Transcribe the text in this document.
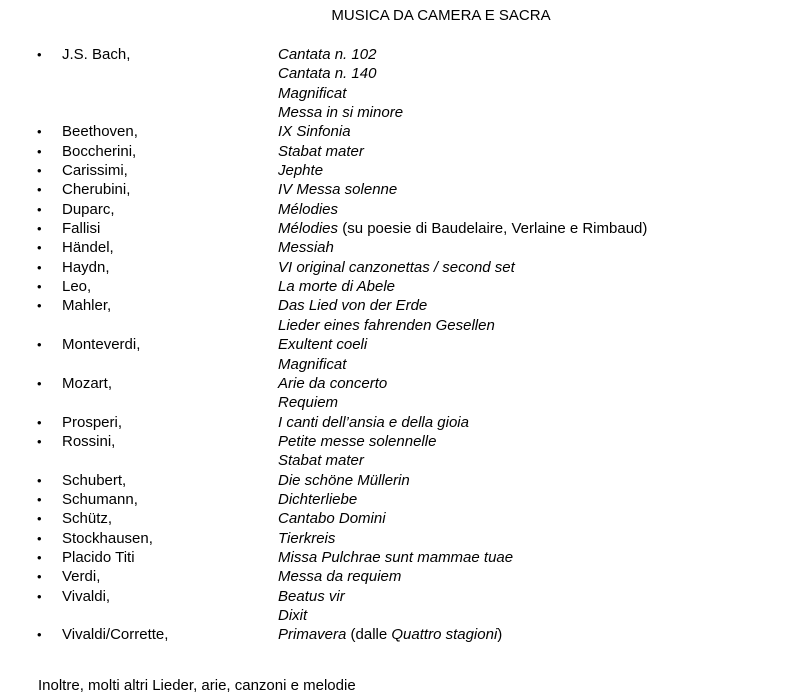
MUSICA DA CAMERA E SACRA
• J.S. Bach,	Cantata n. 102
Cantata n. 140
Magnificat
Messa in si minore
• Beethoven,	IX Sinfonia
• Boccherini,	Stabat mater
• Carissimi,	Jephte
• Cherubini,	IV Messa solenne
• Duparc,	Mélodies
• Fallisi	Mélodies (su poesie di Baudelaire, Verlaine e Rimbaud)
• Händel,	Messiah
• Haydn,	VI original canzonettas / second set
• Leo,	La morte di Abele
• Mahler,	Das Lied von der Erde
Lieder eines fahrenden Gesellen
• Monteverdi,	Exultent coeli
Magnificat
• Mozart,	Arie da concerto
Requiem
• Prosperi,	I canti dell’ansia e della gioia
• Rossini,	Petite messe solennelle
Stabat mater
• Schubert,	Die schöne Müllerin
• Schumann,	Dichterliebe
• Schütz,	Cantabo Domini
• Stockhausen,	Tierkreis
• Placido Titi	Missa Pulchrae sunt mammae tuae
• Verdi,	Messa da requiem
• Vivaldi,	Beatus vir
Dixit
• Vivaldi/Corrette,	Primavera (dalle Quattro stagioni)
Inoltre, molti altri Lieder, arie, canzoni e melodie
